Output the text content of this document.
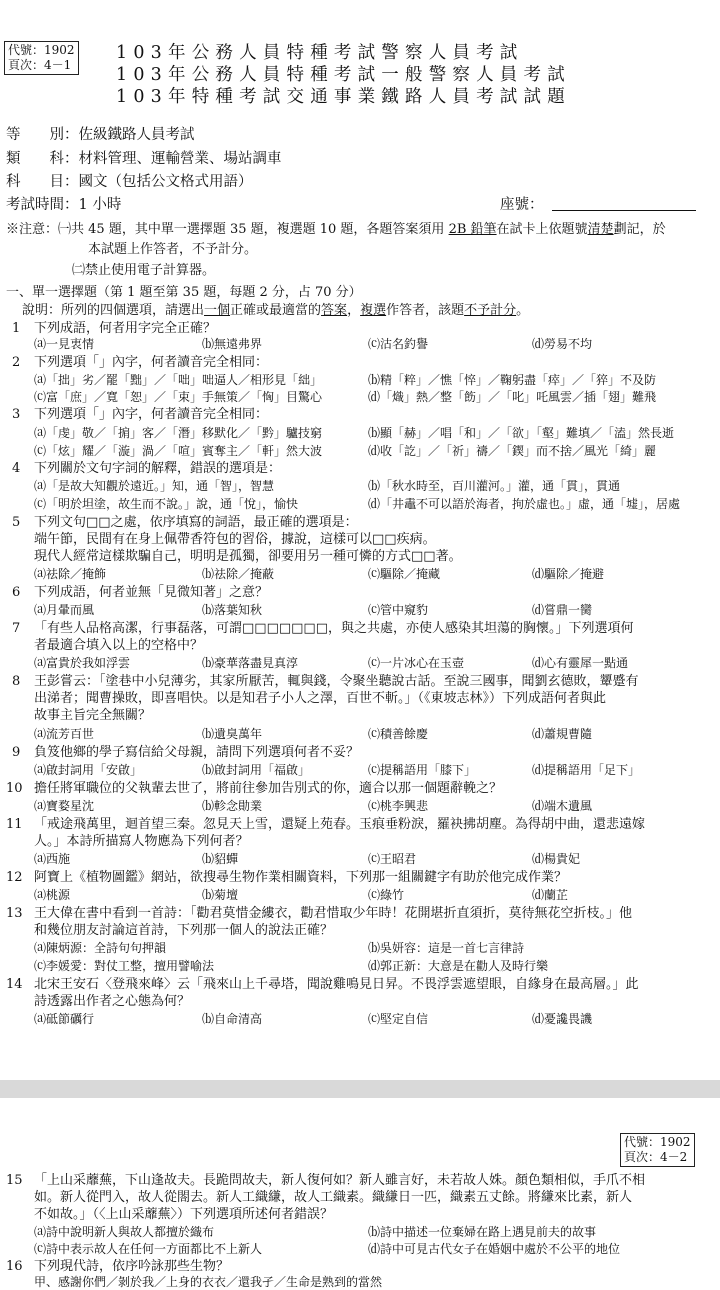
代號：1902
頁次：4－1
103年公務人員特種考試警察人員考試
103年公務人員特種考試一般警察人員考試
103年特種考試交通事業鐵路人員考試試題
等　　別：佐級鐵路人員考試
類　　科：材料管理、運輸營業、場站調車
科　　目：國文（包括公文格式用語）
考試時間：1 小時	座號：
※注意：㈠共 45 題，其中單一選擇題 35 題，複選題 10 題，各題答案須用 2B 鉛筆在試卡上依題號清楚劃記，於
本試題上作答者，不予計分。
㈡禁止使用電子計算器。
一、單一選擇題（第 1 題至第 35 題，每題 2 分，占 70 分）
說明：所列的四個選項，請選出一個正確或最適當的答案，複選作答者，該題不予計分。
1 下列成語，何者用字完全正確？
⒜一見衷情	⒝無遠弗界	⒞沽名釣譽	⒟勞易不均
2 下列選項「」內字，何者讀音完全相同：
⒜「拙」劣／罷「黜」／「咄」咄逼人／相形見「絀」	⒝精「粹」／憔「悴」／鞠躬盡「瘁」／「猝」不及防
⒞富「庶」／寬「恕」／「束」手無策／「恟」目驚心	⒟「熾」熱／整「飭」／「叱」吒風雲／插「翅」難飛
3 下列選項「」內字，何者讀音完全相同：
⒜「虔」敬／「掮」客／「潛」移默化／「黔」驢技窮	⒝顯「赫」／唱「和」／「欲」「壑」難填／「溘」然長逝
⒞「炫」耀／「漩」渦／「喧」賓奪主／「軒」然大波	⒟收「訖」／「祈」禱／「鍥」而不捨／風光「綺」麗
4 下列關於文句字詞的解釋，錯誤的選項是：
⒜「是故大知觀於遠近。」知，通「智」，智慧	⒝「秋水時至，百川灌河。」灌，通「貫」，貫通
⒞「明於坦塗，故生而不說。」說，通「悅」，愉快	⒟「井鼃不可以語於海者，拘於虛也。」虛，通「墟」，居處
5 下列文句□□之處，依序填寫的詞語，最正確的選項是：
端午節，民間有在身上佩帶香符包的習俗，據說，這樣可以□□疾病。
現代人經常這樣欺騙自己，明明是孤獨，卻要用另一種可憐的方式□□著。
⒜祛除／掩飾	⒝祛除／掩蔽	⒞驅除／掩藏	⒟驅除／掩避
6 下列成語，何者並無「見微知著」之意？
⒜月暈而風	⒝落葉知秋	⒞管中窺豹	⒟嘗鼎一臠
7 「有些人品格高潔，行事磊落，可謂□□□□□□□，與之共處，亦使人感染其坦蕩的胸懷。」下列選項何
者最適合填入以上的空格中？
⒜富貴於我如浮雲	⒝豪華落盡見真淳	⒞一片冰心在玉壺	⒟心有靈犀一點通
8 王彭嘗云：「塗巷中小兒薄劣，其家所厭苦，輒與錢，令聚坐聽說古話。至說三國事，聞劉玄德敗，顰蹙有
出涕者；聞曹操敗，即喜唱快。以是知君子小人之澤，百世不斬。」（《東坡志林》）下列成語何者與此
故事主旨完全無關？
⒜流芳百世	⒝遺臭萬年	⒞積善餘慶	⒟蕭規曹隨
9 負笈他鄉的學子寫信給父母親，請問下列選項何者不妥？
⒜啟封詞用「安啟」	⒝啟封詞用「福啟」	⒞提稱語用「膝下」	⒟提稱語用「足下」
10 擔任將軍職位的父執輩去世了，將前往參加告別式的你，適合以那一個題辭輓之？
⒜寶婺星沈	⒝軫念勛業	⒞桃李興悲	⒟端木遺風
11 「戒途飛萬里，迴首望三秦。忽見天上雪，還疑上苑春。玉痕垂粉淚，羅袂拂胡塵。為得胡中曲，還悲遠嫁
人。」本詩所描寫人物應為下列何者？
⒜西施	⒝貂蟬	⒞王昭君	⒟楊貴妃
12 阿寶上《植物圖鑑》網站，欲搜尋生物作業相關資料，下列那一組關鍵字有助於他完成作業？
⒜桃源	⒝菊壇	⒞綠竹	⒟蘭芷
13 王大偉在書中看到一首詩：「勸君莫惜金縷衣，勸君惜取少年時！花開堪折直須折，莫待無花空折枝。」他
和幾位朋友討論這首詩，下列那一個人的說法正確？
⒜陳炳源：全詩句句押韻	⒝吳妍容：這是一首七言律詩
⒞李媛愛：對仗工整，擅用譬喻法	⒟郭正新：大意是在勸人及時行樂
14 北宋王安石〈登飛來峰〉云「飛來山上千尋塔，聞說雞鳴見日昇。不畏浮雲遮望眼，自緣身在最高層。」此
詩透露出作者之心態為何？
⒜砥節礪行	⒝自命清高	⒞堅定自信	⒟憂讒畏譏
代號：1902
頁次：4－2
15 「上山采蘼蕪，下山逢故夫。長跪問故夫，新人復何如？新人雖言好，未若故人姝。顏色類相似，手爪不相
如。新人從門入，故人從閤去。新人工織縑，故人工織素。織縑日一匹，織素五丈餘。將縑來比素，新人
不如故。」（〈上山采蘼蕪〉）下列選項所述何者錯誤？
⒜詩中說明新人與故人都擅於織布	⒝詩中描述一位棄婦在路上遇見前夫的故事
⒞詩中表示故人在任何一方面都比不上新人	⒟詩中可見古代女子在婚姻中處於不公平的地位
16 下列現代詩，依序吟詠那些生物？
甲、感謝你們／剝於我／上身的衣衣／還我孑／生命是熟到的當然
